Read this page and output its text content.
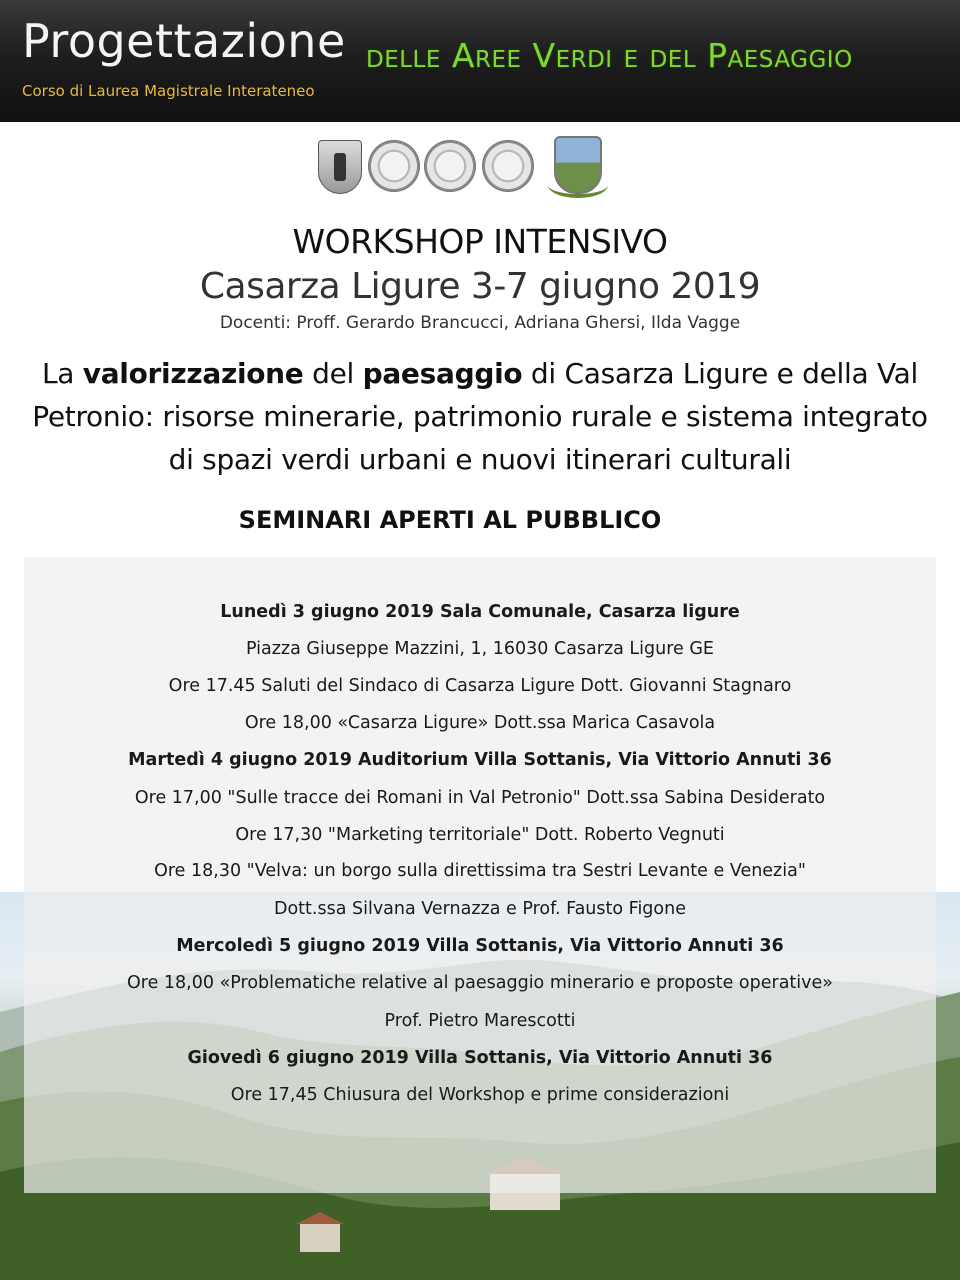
Progettazione delle Aree Verdi e del Paesaggio
Corso di Laurea Magistrale Interateneo
WORKSHOP INTENSIVO
Casarza Ligure 3-7 giugno 2019
Docenti: Proff. Gerardo Brancucci, Adriana Ghersi, Ilda Vagge
La valorizzazione del paesaggio di Casarza Ligure e della Val Petronio: risorse minerarie, patrimonio rurale e sistema integrato di spazi verdi urbani e nuovi itinerari culturali
SEMINARI APERTI AL PUBBLICO
Lunedì 3 giugno 2019 Sala Comunale, Casarza ligure
Piazza Giuseppe Mazzini, 1, 16030 Casarza Ligure GE
Ore 17.45 Saluti del Sindaco di Casarza Ligure Dott. Giovanni Stagnaro
Ore 18,00 «Casarza Ligure» Dott.ssa Marica Casavola
Martedì 4 giugno 2019 Auditorium Villa Sottanis, Via Vittorio Annuti 36
Ore 17,00 "Sulle tracce dei Romani in Val Petronio" Dott.ssa Sabina Desiderato
Ore 17,30 "Marketing territoriale" Dott. Roberto Vegnuti
Ore 18,30 "Velva: un borgo sulla direttissima tra Sestri Levante e Venezia"
Dott.ssa Silvana Vernazza e Prof. Fausto Figone
Mercoledì 5 giugno 2019 Villa Sottanis, Via Vittorio Annuti 36
Ore 18,00 «Problematiche relative al paesaggio minerario e proposte operative»
Prof. Pietro Marescotti
Giovedì 6 giugno 2019 Villa Sottanis, Via Vittorio Annuti 36
Ore 17,45 Chiusura del Workshop e prime considerazioni
